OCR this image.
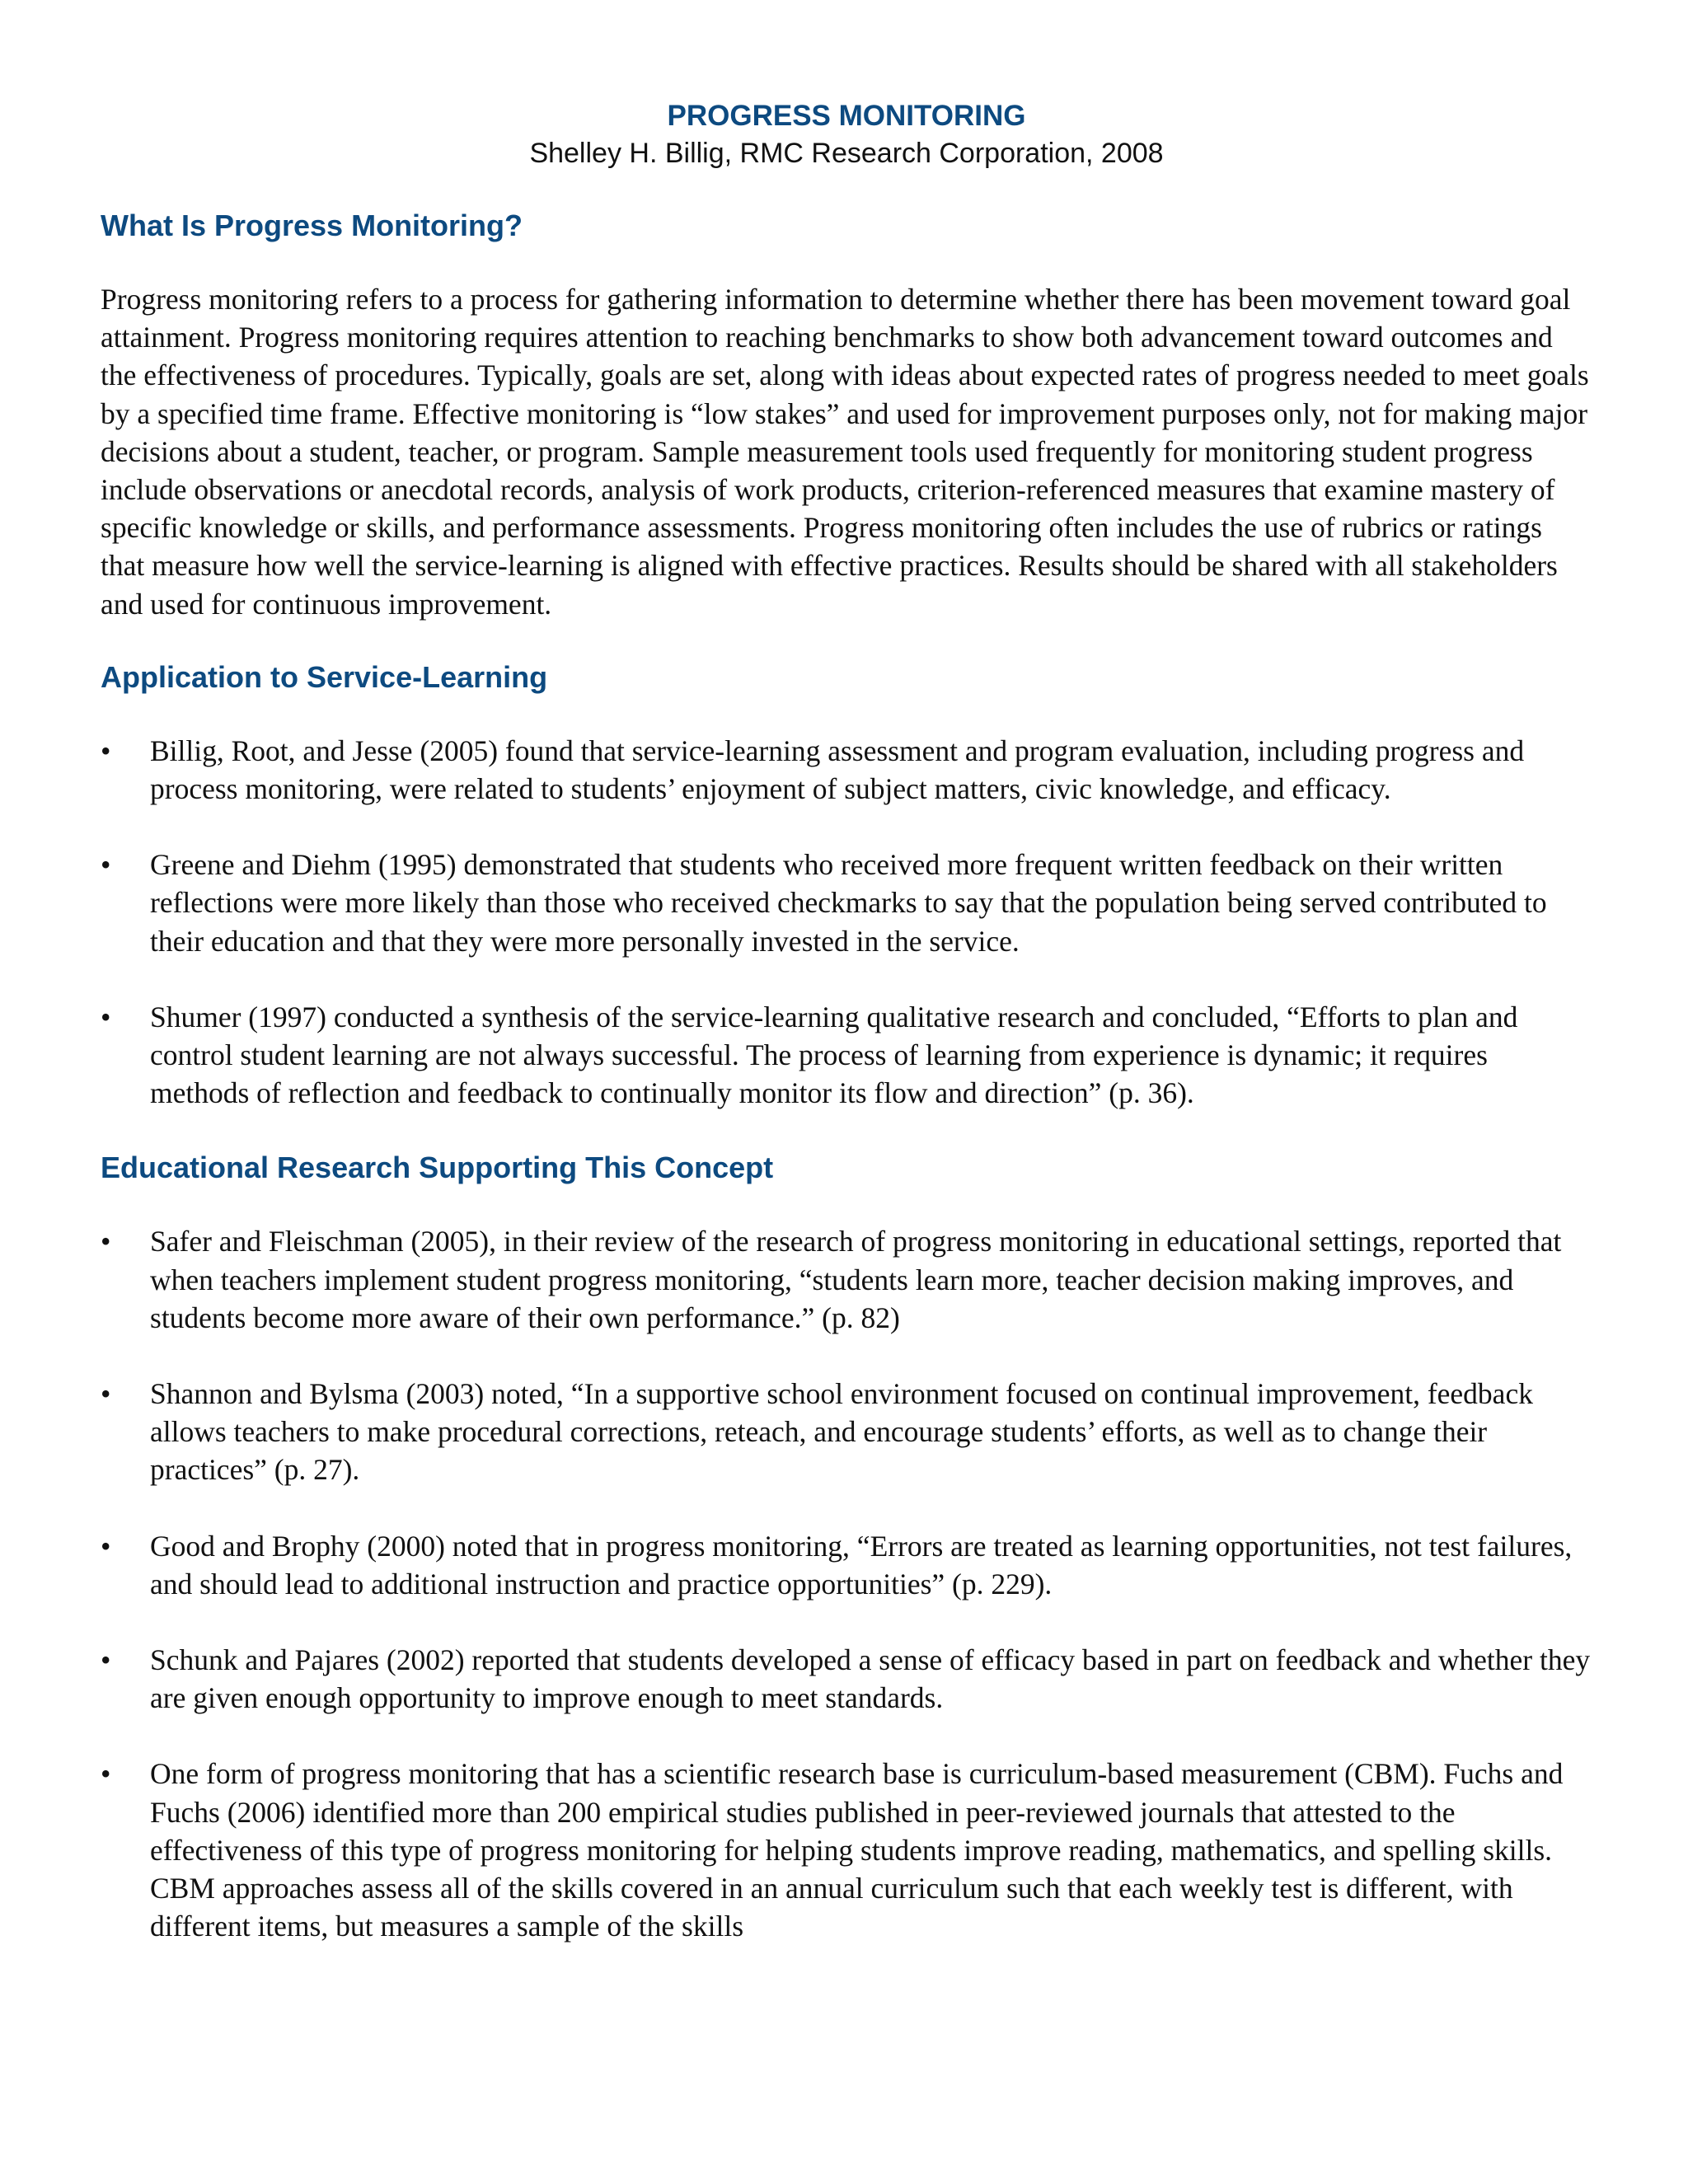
PROGRESS MONITORING

Shelley H. Billig, RMC Research Corporation, 2008

What Is Progress Monitoring?

Progress monitoring refers to a process for gathering information to determine whether there has been movement toward goal attainment. Progress monitoring requires attention to reaching benchmarks to show both advancement toward outcomes and the effectiveness of procedures. Typically, goals are set, along with ideas about expected rates of progress needed to meet goals by a specified time frame. Effective monitoring is “low stakes” and used for improvement purposes only, not for making major decisions about a student, teacher, or program. Sample measurement tools used frequently for monitoring student progress include observations or anecdotal records, analysis of work products, criterion-referenced measures that examine mastery of specific knowledge or skills, and performance assessments. Progress monitoring often includes the use of rubrics or ratings that measure how well the service-learning is aligned with effective practices. Results should be shared with all stakeholders and used for continuous improvement.

Application to Service-Learning
• Billig, Root, and Jesse (2005) found that service-learning assessment and program evaluation, including progress and process monitoring, were related to students’ enjoyment of subject matters, civic knowledge, and efficacy.
• Greene and Diehm (1995) demonstrated that students who received more frequent written feedback on their written reflections were more likely than those who received checkmarks to say that the population being served contributed to their education and that they were more personally invested in the service.
• Shumer (1997) conducted a synthesis of the service-learning qualitative research and concluded, “Efforts to plan and control student learning are not always successful. The process of learning from experience is dynamic; it requires methods of reflection and feedback to continually monitor its flow and direction” (p. 36).
Educational Research Supporting This Concept
• Safer and Fleischman (2005), in their review of the research of progress monitoring in educational settings, reported that when teachers implement student progress monitoring, “students learn more, teacher decision making improves, and students become more aware of their own performance.” (p. 82)
• Shannon and Bylsma (2003) noted, “In a supportive school environment focused on continual improvement, feedback allows teachers to make procedural corrections, reteach, and encourage students’ efforts, as well as to change their practices” (p. 27).
• Good and Brophy (2000) noted that in progress monitoring, “Errors are treated as learning opportunities, not test failures, and should lead to additional instruction and practice opportunities” (p. 229).
• Schunk and Pajares (2002) reported that students developed a sense of efficacy based in part on feedback and whether they are given enough opportunity to improve enough to meet standards.
• One form of progress monitoring that has a scientific research base is curriculum-based measurement (CBM). Fuchs and Fuchs (2006) identified more than 200 empirical studies published in peer-reviewed journals that attested to the effectiveness of this type of progress monitoring for helping students improve reading, mathematics, and spelling skills. CBM approaches assess all of the skills covered in an annual curriculum such that each weekly test is different, with different items, but measures a sample of the skills
